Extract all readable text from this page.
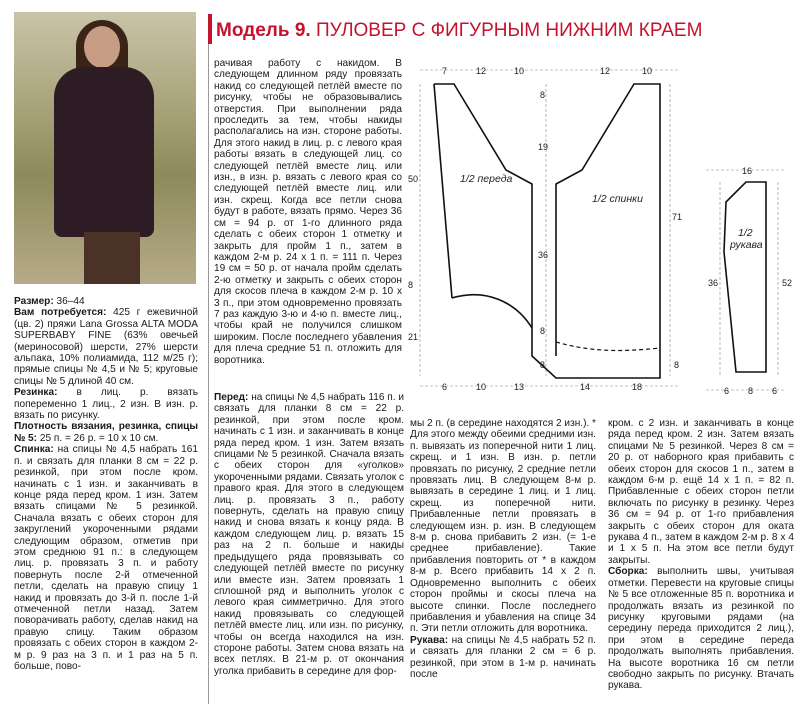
Модель 9. ПУЛОВЕР С ФИГУРНЫМ НИЖНИМ КРАЕМ

Размер: 36–44

Вам потребуется: 425 г ежевичной (цв. 2) пряжи Lana Grossa ALTA MODA SUPERBABY FINE (63% овечьей (мериносовой) шерсти, 27% шерсти альпака, 10% полиамида, 112 м/25 г); прямые спицы № 4,5 и № 5; круговые спицы № 5 длиной 40 см.

Резинка: в лиц. р. вязать попеременно 1 лиц., 2 изн. В изн. р. вязать по рисунку.

Плотность вязания, резинка, спицы № 5: 25 п. = 26 р. = 10 x 10 см.

Спинка: на спицы № 4,5 набрать 161 п. и связать для планки 8 см = 22 р. резинкой, при этом после кром. начинать с 1 изн. и заканчивать в конце ряда перед кром. 1 изн. Затем вязать спицами № 5 резинкой. Сначала вязать с обеих сторон для закруглений укороченными рядами следующим образом, отметив при этом среднюю 91 п.: в следующем лиц. р. провязать 3 п. и работу повернуть после 2-й отмеченной петли, сделать на правую спицу 1 накид и провязать до 3-й п. после 1-й отмеченной петли назад. Затем поворачивать работу, сделав накид на правую спицу. Таким образом провязать с обеих сторон в каждом 2-м р. 9 раз на 3 п. и 1 раз на 5 п. больше, пово-

рачивая работу с накидом. В следующем длинном ряду провязать накид со следующей петлёй вместе по рисунку, чтобы не образовывались отверстия. При выполнении ряда проследить за тем, чтобы накиды располагались на изн. стороне работы. Для этого накид в лиц. р. с левого края работы вязать в следующей лиц. со следующей петлёй вместе лиц. или изн., в изн. р. вязать с левого края со следующей петлёй вместе лиц. или изн. скрещ. Когда все петли снова будут в работе, вязать прямо. Через 36 см = 94 р. от 1-го длинного ряда сделать с обеих сторон 1 отметку и закрыть для пройм 1 п., затем в каждом 2-м р. 24 x 1 п. = 111 п. Через 19 см = 50 р. от начала пройм сделать 2-ю отметку и закрыть с обеих сторон для скосов плеча в каждом 2-м р. 10 x 3 п., при этом одновременно провязать 7 раз каждую 3-ю и 4-ю п. вместе лиц., чтобы край не получился слишком широким. После последнего убавления для плеча средние 51 п. отложить для воротника.

Перед: на спицы № 4,5 набрать 116 п. и связать для планки 8 см = 22 р. резинкой, при этом после кром. начинать с 1 изн. и заканчивать в конце ряда перед кром. 1 изн. Затем вязать спицами № 5 резинкой. Сначала вязать с обеих сторон для «уголков» укороченными рядами. Связать уголок с правого края. Для этого в следующем лиц. р. провязать 3 п., работу повернуть, сделать на правую спицу накид и снова вязать к концу ряда. В каждом следующем лиц. р. вязать 15 раз на 2 п. больше и накиды предыдущего ряда провязывать со следующей петлёй вместе по рисунку или вместе изн. Затем провязать 1 сплошной ряд и выполнить уголок с левого края симметрично. Для этого накид провязывать со следующей петлёй вместе лиц. или изн. по рисунку, чтобы он всегда находился на изн. стороне работы. Затем снова вязать на всех петлях. В 21-м р. от окончания уголка прибавить в середине для фор-

мы 2 п. (в середине находятся 2 изн.). * Для этого между обеими средними изн. п. вывязать из поперечной нити 1 лиц. скрещ. и 1 изн. В изн. р. петли провязать по рисунку, 2 средние петли провязать лиц. В следующем 8-м р. вывязать в середине 1 лиц. и 1 лиц. скрещ. из поперечной нити. Прибавленные петли провязать в следующем изн. р. изн. В следующем 8-м р. снова прибавить 2 изн. (= 1-е среднее прибавление). Такие прибавления повторить от * в каждом 8-м р. Всего прибавить 14 x 2 п. Одновременно выполнить с обеих сторон проймы и скосы плеча на высоте спинки. После последнего прибавления и убавления на спице 34 п. Эти петли отложить для воротника.

Рукава: на спицы № 4,5 набрать 52 п. и связать для планки 2 см = 6 р. резинкой, при этом в 1-м р. начинать после

кром. с 2 изн. и заканчивать в конце ряда перед кром. 2 изн. Затем вязать спицами № 5 резинкой. Через 8 см = 20 р. от наборного края прибавить с обеих сторон для скосов 1 п., затем в каждом 6-м р. ещё 14 x 1 п. = 82 п. Прибавленные с обеих сторон петли включать по рисунку в резинку. Через 36 см = 94 р. от 1-го прибавления закрыть с обеих сторон для оката рукава 4 п., затем в каждом 2-м р. 8 x 4 и 1 x 5 п. На этом все петли будут закрыты.

Сборка: выполнить швы, учитывая отметки. Перевести на круговые спицы № 5 все отложенные 85 п. воротника и продолжать вязать из резинкой по рисунку круговыми рядами (на середину переда приходится 2 лиц.), при этом в середине переда продолжать выполнять прибавления. На высоте воротника 16 см петли свободно закрыть по рисунку. Втачать рукава.

1/2 переда
1/2 спинки
1/2
рукава
7	12	10	12	10
6	10	13	14	18
50
8
21
8
19
36
8
8
71
8
16
36	52
6 8 6
